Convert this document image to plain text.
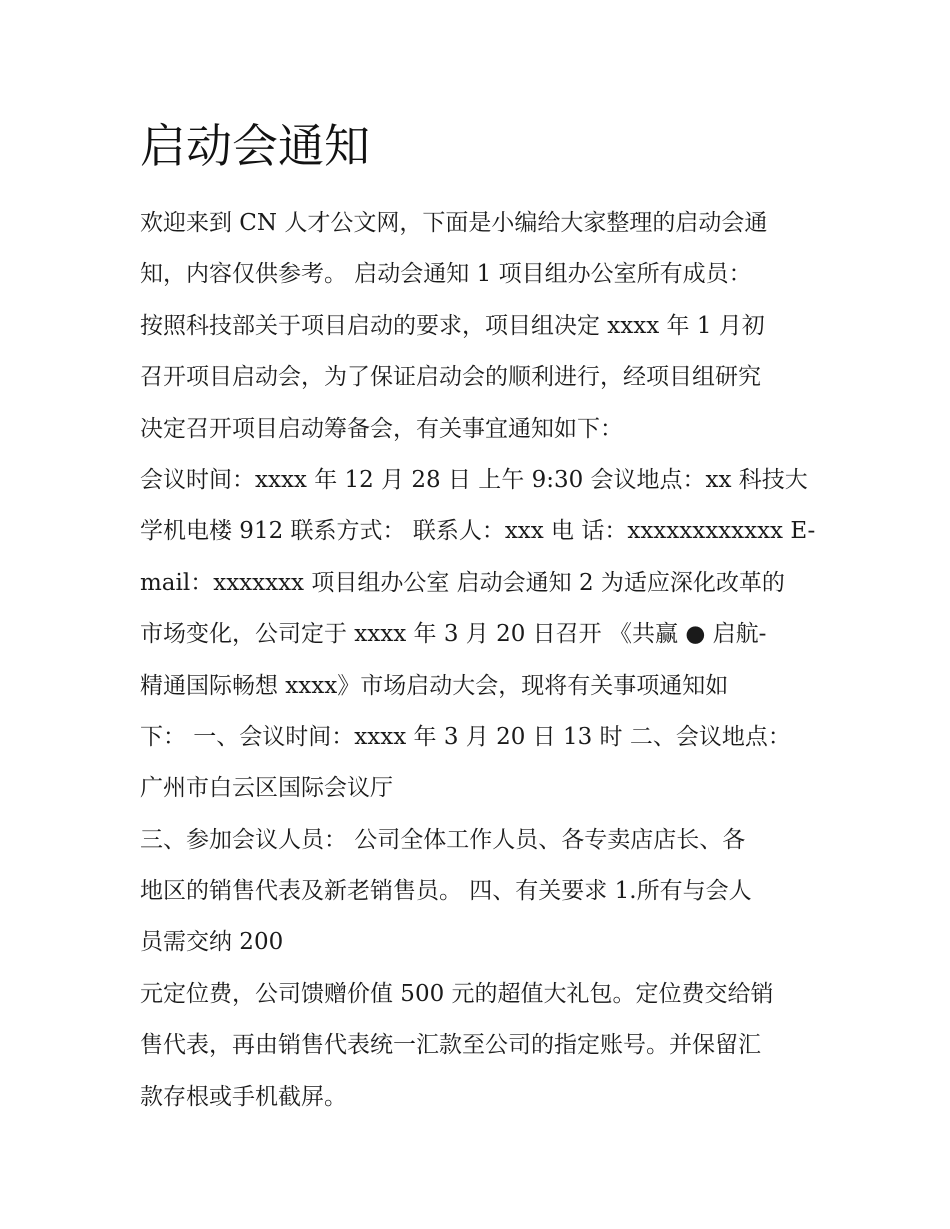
启动会通知
欢迎来到 CN 人才公文网，下面是小编给大家整理的启动会通
知，内容仅供参考。 启动会通知 1 项目组办公室所有成员：
按照科技部关于项目启动的要求，项目组决定 xxxx 年 1 月初
召开项目启动会，为了保证启动会的顺利进行，经项目组研究
决定召开项目启动筹备会，有关事宜通知如下：
会议时间：xxxx 年 12 月 28 日 上午 9:30 会议地点：xx 科技大
学机电楼 912 联系方式： 联系人：xxx 电 话：xxxxxxxxxxxx E-
mail：xxxxxxx 项目组办公室 启动会通知 2 为适应深化改革的
市场变化，公司定于 xxxx 年 3 月 20 日召开 《共赢 ● 启航-
精通国际畅想 xxxx》市场启动大会，现将有关事项通知如
下： 一、会议时间：xxxx 年 3 月 20 日 13 时 二、会议地点：
广州市白云区国际会议厅
三、参加会议人员： 公司全体工作人员、各专卖店店长、各
地区的销售代表及新老销售员。 四、有关要求 1.所有与会人
员需交纳 200
元定位费，公司馈赠价值 500 元的超值大礼包。定位费交给销
售代表，再由销售代表统一汇款至公司的指定账号。并保留汇
款存根或手机截屏。
